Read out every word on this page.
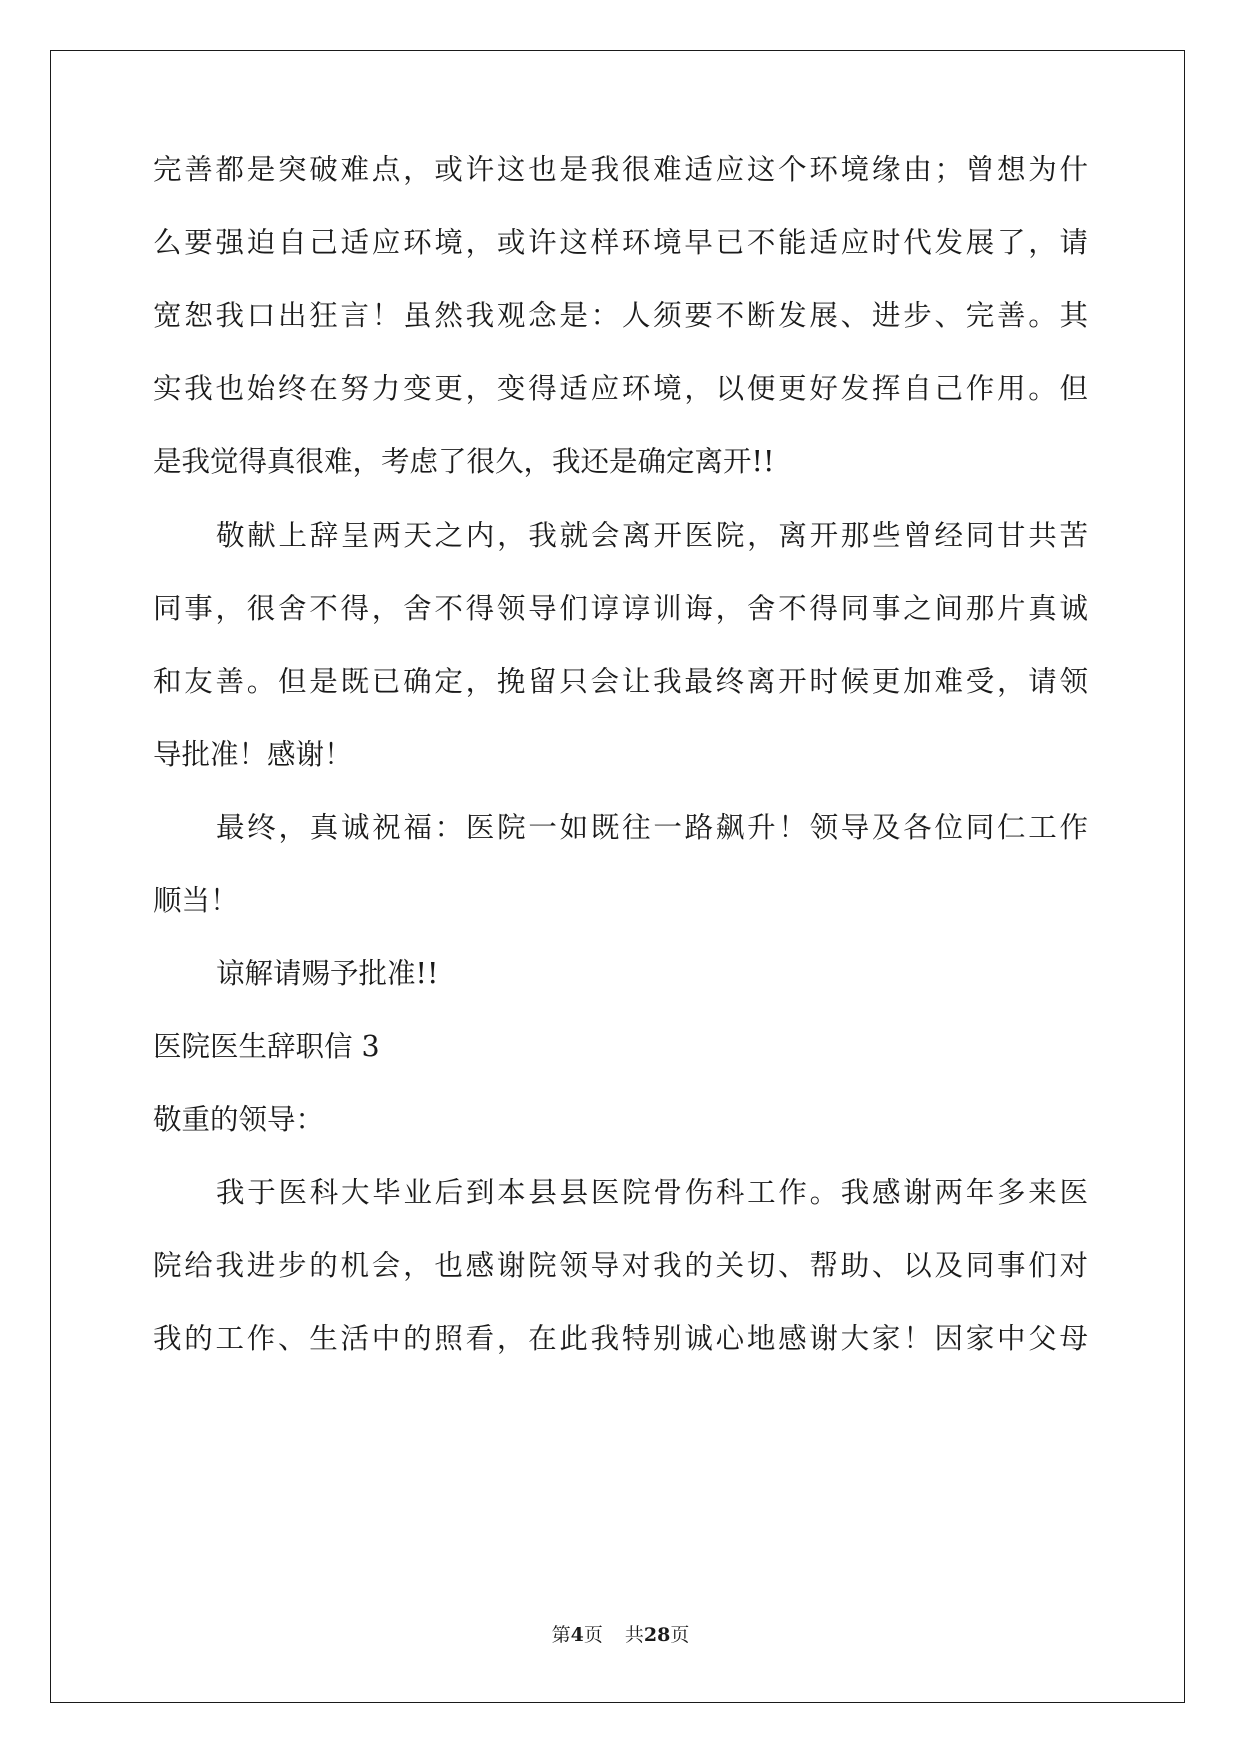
完善都是突破难点，或许这也是我很难适应这个环境缘由；曾想为什
么要强迫自己适应环境，或许这样环境早已不能适应时代发展了，请
宽恕我口出狂言！虽然我观念是：人须要不断发展、进步、完善。其
实我也始终在努力变更，变得适应环境，以便更好发挥自己作用。但
是我觉得真很难，考虑了很久，我还是确定离开!!
敬献上辞呈两天之内，我就会离开医院，离开那些曾经同甘共苦
同事，很舍不得，舍不得领导们谆谆训诲，舍不得同事之间那片真诚
和友善。但是既已确定，挽留只会让我最终离开时候更加难受，请领
导批准！感谢！
最终，真诚祝福：医院一如既往一路飙升！领导及各位同仁工作
顺当！
谅解请赐予批准!!
医院医生辞职信 3
敬重的领导：
我于医科大毕业后到本县县医院骨伤科工作。我感谢两年多来医
院给我进步的机会，也感谢院领导对我的关切、帮助、以及同事们对
我的工作、生活中的照看，在此我特别诚心地感谢大家！因家中父母
第4页 共28页
